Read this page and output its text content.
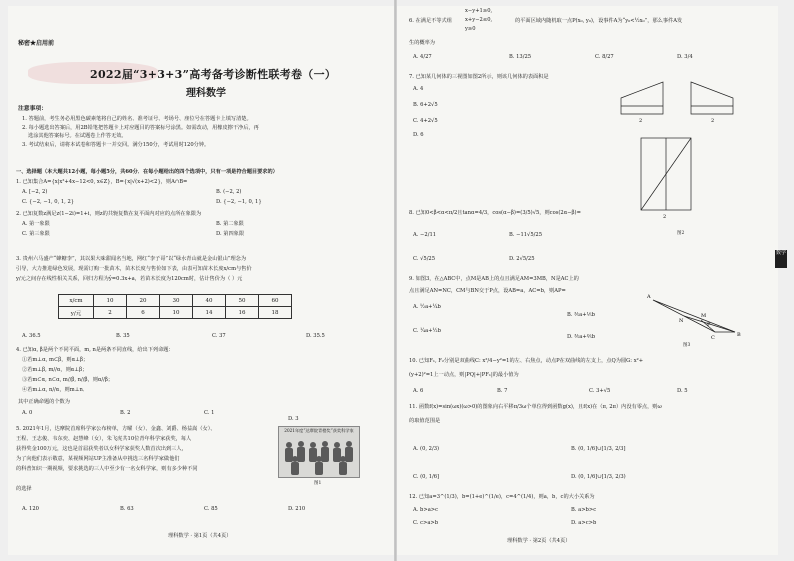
秘密★启用前
2022届“3+3+3”高考备考诊断性联考卷（一）
理科数学
注意事项：
1. 答题前，考生务必用黑色碳素笔将自己的姓名、准考证号、考场号、座位号在答题卡上填写清楚。
2. 每小题选出答案后，用2B铅笔把答题卡上对应题目的答案标号涂黑。如需改动，用橡皮擦干净后，再
选涂其他答案标号。在试题卷上作答无效。
3. 考试结束后，请将本试卷和答题卡一并交回。满分150分，考试用时120分钟。
一、选择题（本大题共12小题，每小题5分，共60分．在每小题给出的四个选项中，只有一项是符合题目要求的）
1. 已知集合A={x|x²+4x−12<0, x∈Z}，B={x|√(x+2)<2}，则A∩B=
A. [−2, 2)	B. (−2, 2)
C. {−2, −1, 0, 1, 2}	D. {−2, −1, 0, 1}
2. 已知复数z满足z(1−2i)=1+i，则z的共轭复数在复平面内对应的点所在象限为
A. 第一象限	B. 第二象限
C. 第三象限	D. 第四象限
3. 贵州六马盛产“蜂糖李”，其以果大味甜闻名当地，网红“李子哥”以“绿水青山就是金山银山”理念为
引导，大力推进绿色发展，现需订购一批苗木，苗木长度与售价如下表，由表可知苗木长度x/cm与售价
y/元之间存在线性相关关系，回归方程为ŷ=0.3x+a，若苗木长度为120cm时，估计售价为（ ）元
x/cm	10	20	30	40	50	60
y/元	2	6	10	14	16	18
A. 36.5	B. 35	C. 37	D. 35.5
4. 已知α, β是两个不同平面，m, n是两条不同直线，给出下列命题：
①若m⊥α, m⊂β，则α⊥β；
②若m⊥β, m//α，则α⊥β；
③若m⊂α, n⊂α, m//β, n//β，则α//β；
④若m⊥α, n//α，则m⊥n．
其中正确命题的个数为
A. 0	B. 2	C. 1
D. 3
5. 2021年1月，达摩院首席科学家公布榜单，方曜（女）、金鑫、刘爵、杨益嵩（女）、
王程、王志俊、韦东奕、赵慧峰（女），朱飞虎共10位青年科学家获奖，每人
获得奖金100万元，这也是首届获奖者以女科学家获奖人数首次出到三人，
为了向他们表示敬意，某视频网站UP主准备从中挑选三名科学家做他们
的科普知识一期视频，要求挑选的三人中至少有一名女科学家，则有多少种不同
的选择
2021年度“达摩院青橙奖”获奖科学家
图1
A. 120	B. 63	C. 85	D. 210
理科数学 · 第1页（共4页）
6. 在满足不等式组
x−y+1≥0,
x+y−2≤0,
y≥0
的平面区域内随机取一点P(x₀, y₀)，设事件A为“y₀<½x₀”，那么事件A发
生的概率为
A. 4/27	B. 13/25	C. 8/27	D. 3/4
7. 已知某几何体的三视图如图2所示，则该几何体的表面积是
A. 4
B. 6+2√5
C. 4+2√5
D. 6
2	2
2
图2
8. 已知0<β<α<π/2且tanα=4/3，cos(α−β)=(3/5)√5，则cos(2α−β)=
A. −2/11	B. −11√5/25
C. √5/25	D. 2√5/25
9. 如图3，在△ABC中，点M是AB上的点且满足AM=3MB，N是AC上的
点且满足AN=NC，CM与BN交于P点，设AB=a，AC=b，则AP=
A. ½a+¼b
B. ⅗a+⅕b
C. ¼a+½b
D. ⅗a+⅖b
A
B
C
M
N
P
图3
10. 已知F₁, F₂分别是双曲线C: x²/4−y²=1的左、右焦点，动点P在双曲线的左支上，点Q为圆G: x²+
(y+2)²=1上一动点，则|PQ|+|PF₁|的最小值为
A. 6	B. 7	C. 3+√5	D. 5
11. 函数f(x)=sin(ωx)(ω>0)的图象向右平移π/3ω个单位得到函数g(x)，且f(x)在（π, 2π）内没有零点，则ω
的取值范围是
A. (0, 2/3)	B. (0, 1/6]∪[1/3, 2/3]
C. (0, 1/6]	D. (0, 1/6]∪[1/3, 2/3)
12. 已知a=3^(1/3)，b=(1+e)^(1/e)，c=4^(1/4)，则a，b，c的大小关系为
A. b>a>c	B. a>b>c
C. c>a>b	D. a>c>b
理科数学 · 第2页（共4页）
数学
